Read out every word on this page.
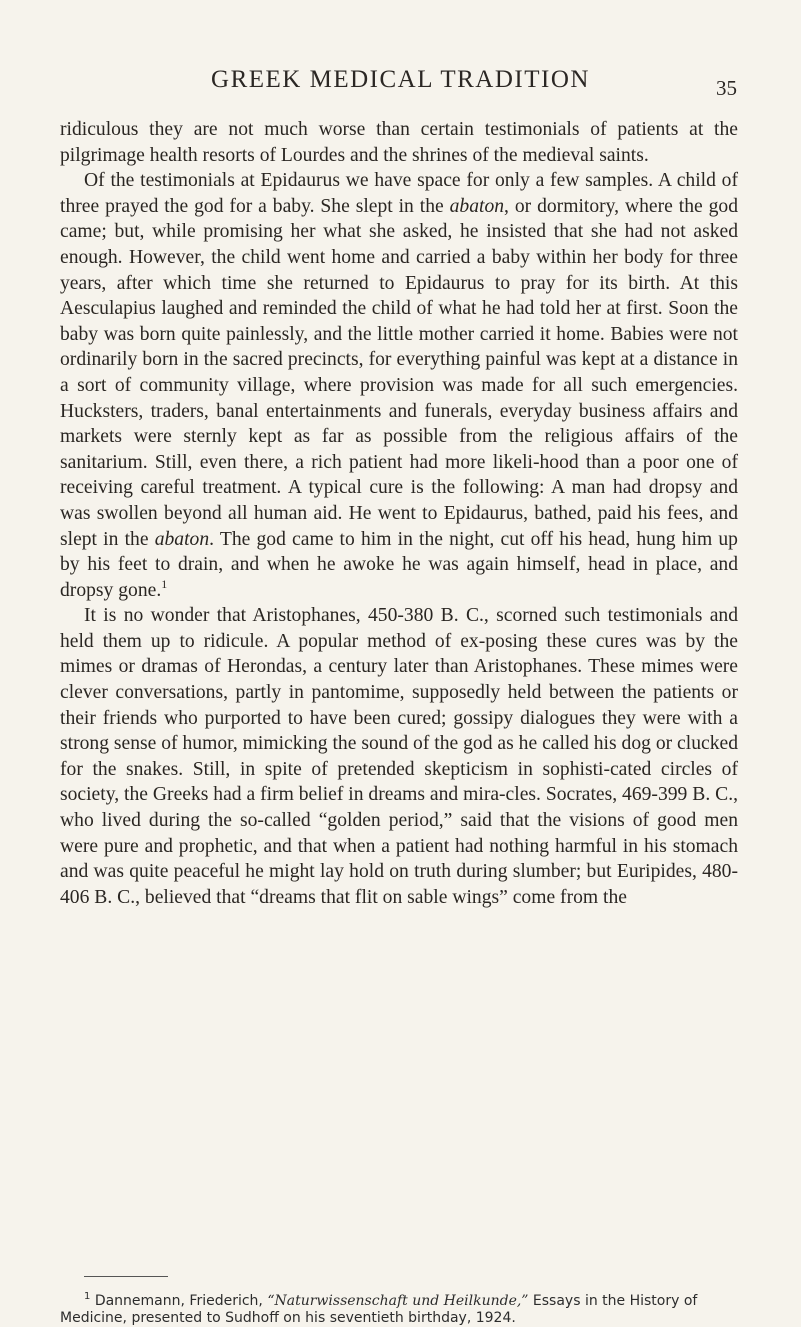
GREEK MEDICAL TRADITION	35

ridiculous they are not much worse than certain testimonials of patients at the pilgrimage health resorts of Lourdes and the shrines of the medieval saints.

Of the testimonials at Epidaurus we have space for only a few samples. A child of three prayed the god for a baby. She slept in the abaton, or dormitory, where the god came; but, while promising her what she asked, he insisted that she had not asked enough. However, the child went home and carried a baby within her body for three years, after which time she returned to Epidaurus to pray for its birth. At this Aesculapius laughed and reminded the child of what he had told her at first. Soon the baby was born quite painlessly, and the little mother carried it home. Babies were not ordinarily born in the sacred precincts, for everything painful was kept at a distance in a sort of community village, where provision was made for all such emergencies. Hucksters, traders, banal entertainments and funerals, everyday business affairs and markets were sternly kept as far as possible from the religious affairs of the sanitarium. Still, even there, a rich patient had more likeli-hood than a poor one of receiving careful treatment. A typical cure is the following: A man had dropsy and was swollen beyond all human aid. He went to Epidaurus, bathed, paid his fees, and slept in the abaton. The god came to him in the night, cut off his head, hung him up by his feet to drain, and when he awoke he was again himself, head in place, and dropsy gone.$^1$

It is no wonder that Aristophanes, 450-380 B. C., scorned such testimonials and held them up to ridicule. A popular method of ex-posing these cures was by the mimes or dramas of Herondas, a century later than Aristophanes. These mimes were clever conversations, partly in pantomime, supposedly held between the patients or their friends who purported to have been cured; gossipy dialogues they were with a strong sense of humor, mimicking the sound of the god as he called his dog or clucked for the snakes. Still, in spite of pretended skepticism in sophisti-cated circles of society, the Greeks had a firm belief in dreams and mira-cles. Socrates, 469-399 B. C., who lived during the so-called “golden period,” said that the visions of good men were pure and prophetic, and that when a patient had nothing harmful in his stomach and was quite peaceful he might lay hold on truth during slumber; but Euripides, 480-406 B. C., believed that “dreams that flit on sable wings” come from the

$^1$ Dannemann, Friederich, “Naturwissenschaft und Heilkunde,” Essays in the History of Medicine, presented to Sudhoff on his seventieth birthday, 1924.
